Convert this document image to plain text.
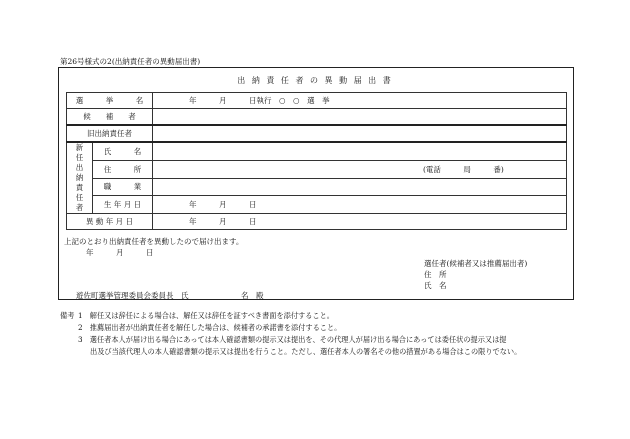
第26号様式の2(出納責任者の異動届出書)
出 納 責 任 者 の 異 動 届 出 書
選　　　挙　　　名		年　　　月　　　日執行　○　○　選　挙
候　　補　　者		
旧出納責任者		
新任出納責任者	氏　　　名	
	住　　　所	(電話　　　局　　　番)

	職　　　業	
	生 年 月 日	年　　　月　　　日
異 動 年 月 日		年　　　月　　　日
上記のとおり出納責任者を異動したので届け出ます。
年　　　月　　　日
選任者(候補者又は推薦届出者)
住　所
氏　名
遊佐町選挙管理委員会委員長　氏　　　　　　　名　殿
備考 1　解任又は辞任による場合は、解任又は辞任を証すべき書面を添付すること。
2　推薦届出者が出納責任者を解任した場合は、候補者の承諾書を添付すること。
3　選任者本人が届け出る場合にあっては本人確認書類の提示又は提出を、その代理人が届け出る場合にあっては委任状の提示又は提
出及び当該代理人の本人確認書類の提示又は提出を行うこと。ただし、選任者本人の署名その他の措置がある場合はこの限りでない。
